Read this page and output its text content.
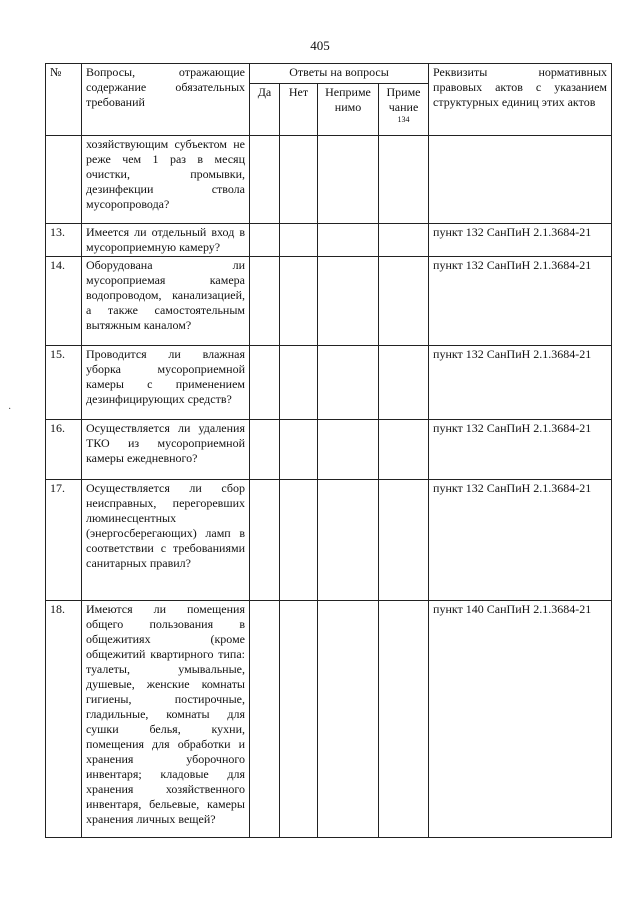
405
·
№	Вопросы, отражающие содержание обязательных требований	Ответы на вопросы				Реквизиты нормативных правовых актов с указанием структурных единиц этих актов
		Да	Нет	Неприме нимо	Приме чание
134	

	хозяйствующим субъектом не реже чем 1 раз в месяц очистки, промывки, дезинфекции ствола мусоропровода?					
13.	Имеется ли отдельный вход в мусороприемную камеру?					пункт 132 СанПиН 2.1.3684-21
14.	Оборудована ли мусороприемая камера водопроводом, канализацией, а также самостоятельным вытяжным каналом?					пункт 132 СанПиН 2.1.3684-21
15.	Проводится ли влажная уборка мусороприемной камеры с применением дезинфицирующих средств?					пункт 132 СанПиН 2.1.3684-21
16.	Осуществляется ли удаления ТКО из мусороприемной камеры ежедневного?					пункт 132 СанПиН 2.1.3684-21
17.	Осуществляется ли сбор неисправных, перегоревших люминесцентных (энергосберегающих) ламп в соответствии с требованиями санитарных правил?					пункт 132 СанПиН 2.1.3684-21
18.	Имеются ли помещения общего пользования в общежитиях (кроме общежитий квартирного типа: туалеты, умывальные, душевые, женские комнаты гигиены, постирочные, гладильные, комнаты для сушки белья, кухни, помещения для обработки и хранения уборочного инвентаря; кладовые для хранения хозяйственного инвентаря, бельевые, камеры хранения личных вещей?					пункт 140 СанПиН 2.1.3684-21
